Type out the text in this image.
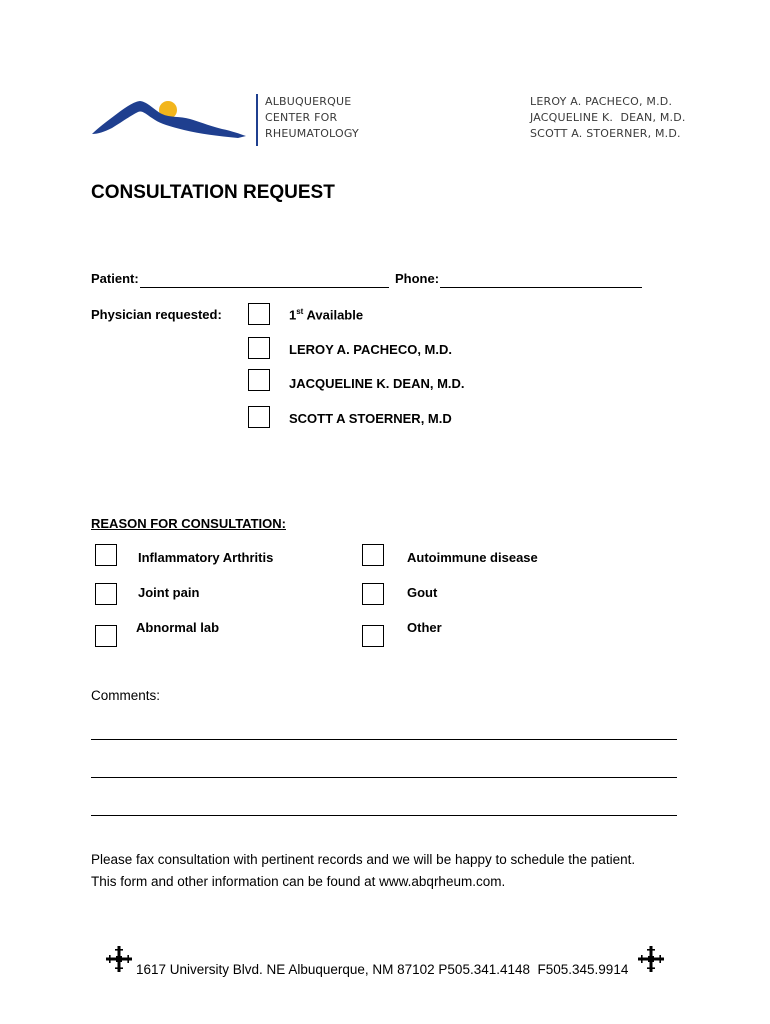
ALBUQUERQUE
CENTER FOR
RHEUMATOLOGY
LEROY A. PACHECO, M.D.
JACQUELINE K.  DEAN, M.D.
SCOTT A. STOERNER, M.D.
CONSULTATION REQUEST
Patient:	Phone:
Physician requested:	1st Available
LEROY A. PACHECO, M.D.
JACQUELINE K. DEAN, M.D.
SCOTT A STOERNER, M.D
REASON FOR CONSULTATION:
Inflammatory Arthritis
Joint pain
Abnormal lab
Autoimmune disease
Gout
Other
Comments:
Please fax consultation with pertinent records and we will be happy to schedule the patient.
This form and other information can be found at www.abqrheum.com.
1617 University Blvd. NE Albuquerque, NM 87102 P505.341.4148  F505.345.9914
